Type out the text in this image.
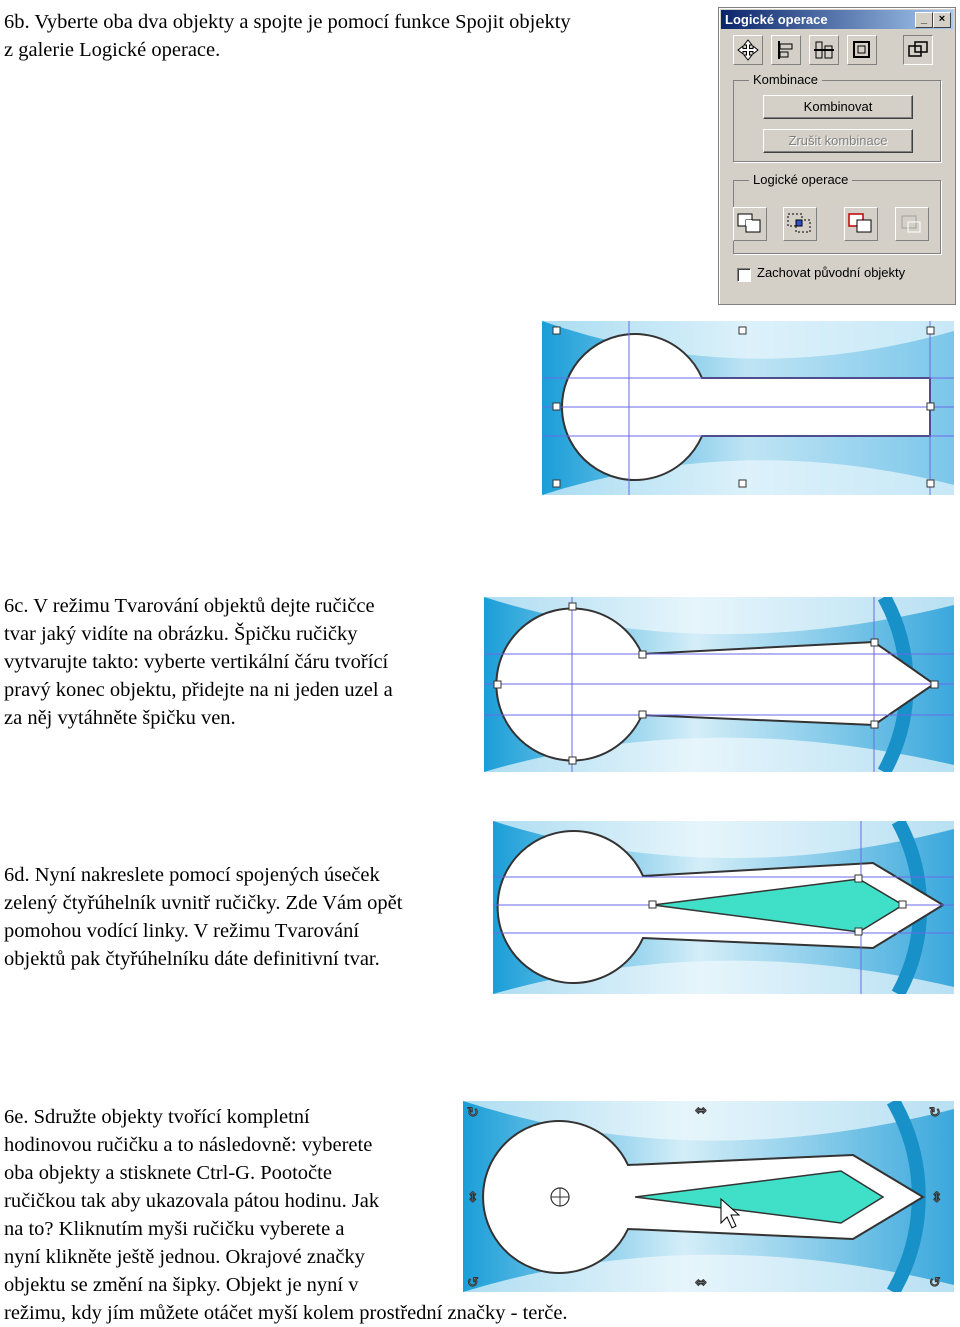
6b. Vyberte oba dva objekty a spojte je pomocí funkce Spojit objekty
z galerie Logické operace.

Logické operace	_	×
Kombinace
Kombinovat
Zrušit kombinace
Logické operace
Zachovat původní objekty

6c. V režimu Tvarování objektů dejte ručičce
tvar jaký vidíte na obrázku. Špičku ručičky
vytvarujte takto: vyberte vertikální čáru tvořící
pravý konec objektu, přidejte na ni jeden uzel a
za něj vytáhněte špičku ven.

6d. Nyní nakreslete pomocí spojených úseček
zelený čtyřúhelník uvnitř ručičky. Zde Vám opět
pomohou vodící linky. V režimu Tvarování
objektů pak čtyřúhelníku dáte definitivní tvar.

6e. Sdružte objekty tvořící kompletní
hodinovou ručičku a to následovně: vyberete
oba objekty a stisknete Ctrl-G. Pootočte
ručičkou tak aby ukazovala pátou hodinu. Jak
na to? Kliknutím myši ručičku vyberete a
nyní klikněte ještě jednou. Okrajové značky
objektu se změní na šipky. Objekt je nyní v
režimu, kdy jím můžete otáčet myší kolem prostřední značky - terče.

↻	⇔	↻
⇕	⇕
↺	⇔	↺
